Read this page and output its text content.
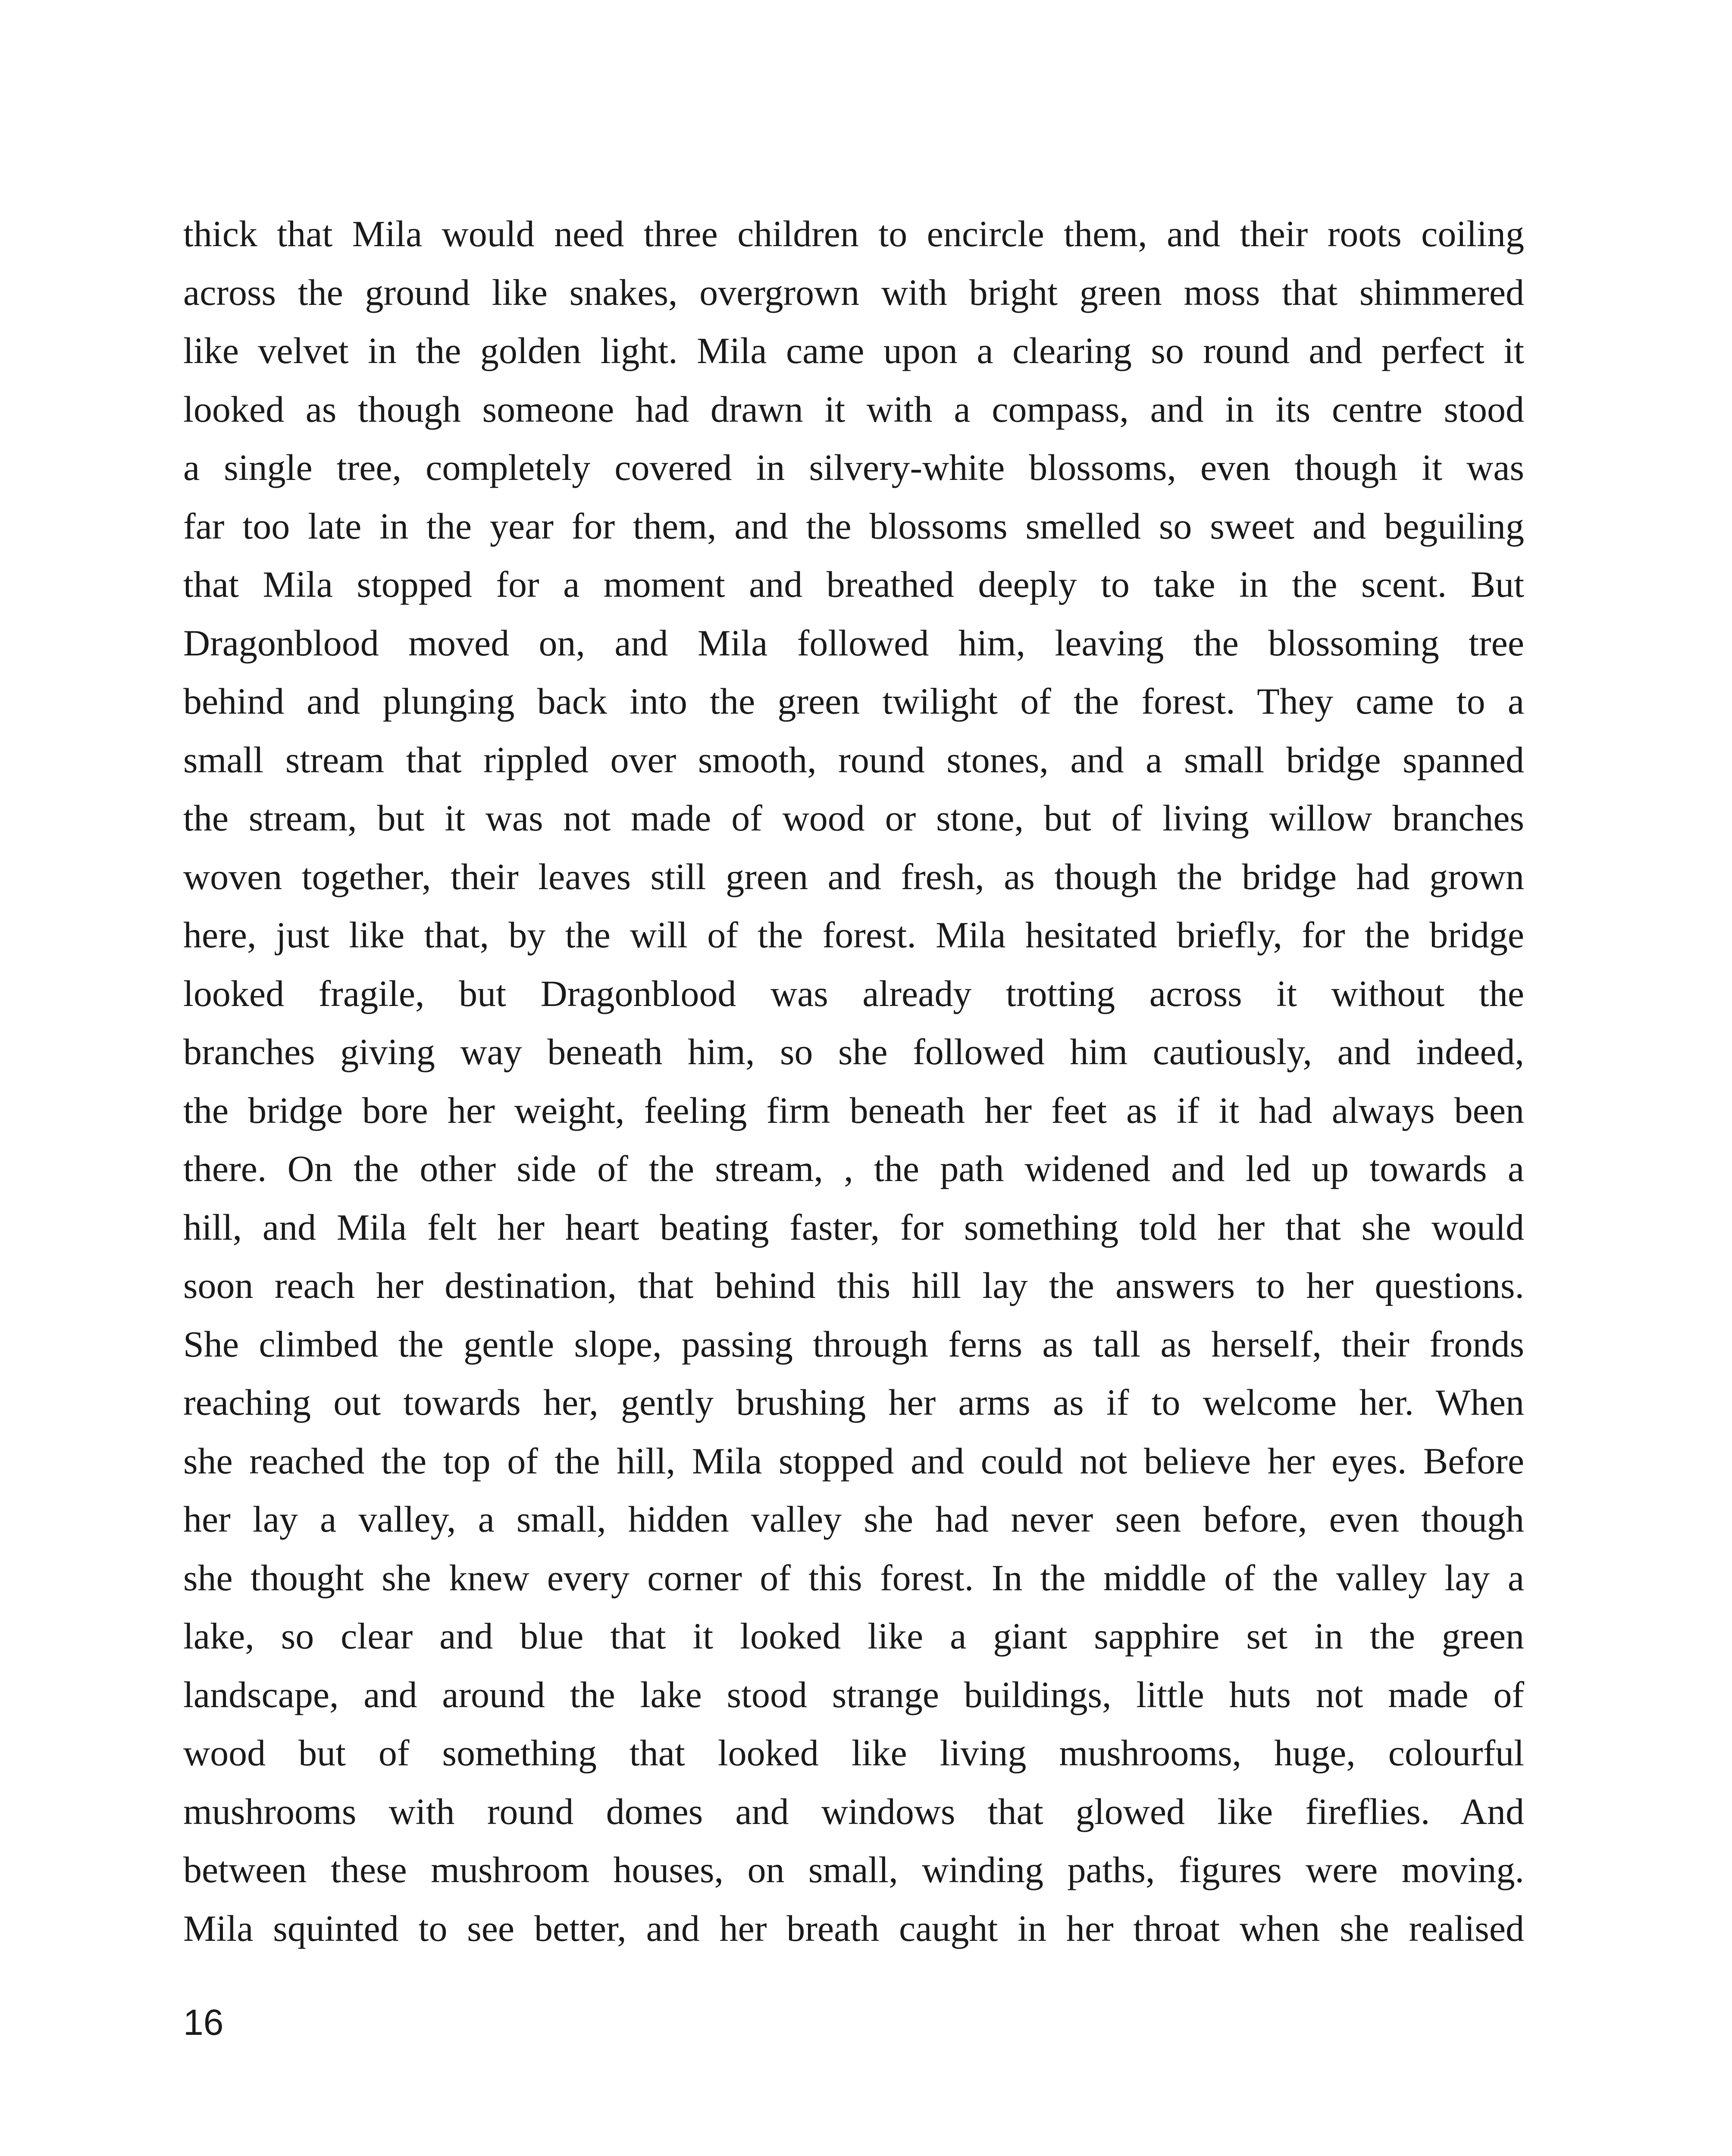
thick that Mila would need three children to encircle them, and their roots coiling
across the ground like snakes, overgrown with bright green moss that shimmered
like velvet in the golden light. Mila came upon a clearing so round and perfect it
looked as though someone had drawn it with a compass, and in its centre stood
a single tree, completely covered in silvery-white blossoms, even though it was
far too late in the year for them, and the blossoms smelled so sweet and beguiling
that Mila stopped for a moment and breathed deeply to take in the scent. But
Dragonblood moved on, and Mila followed him, leaving the blossoming tree
behind and plunging back into the green twilight of the forest. They came to a
small stream that rippled over smooth, round stones, and a small bridge spanned
the stream, but it was not made of wood or stone, but of living willow branches
woven together, their leaves still green and fresh, as though the bridge had grown
here, just like that, by the will of the forest. Mila hesitated briefly, for the bridge
looked fragile, but Dragonblood was already trotting across it without the
branches giving way beneath him, so she followed him cautiously, and indeed,
the bridge bore her weight, feeling firm beneath her feet as if it had always been
there. On the other side of the stream, , the path widened and led up towards a
hill, and Mila felt her heart beating faster, for something told her that she would
soon reach her destination, that behind this hill lay the answers to her questions.
She climbed the gentle slope, passing through ferns as tall as herself, their fronds
reaching out towards her, gently brushing her arms as if to welcome her. When
she reached the top of the hill, Mila stopped and could not believe her eyes. Before
her lay a valley, a small, hidden valley she had never seen before, even though
she thought she knew every corner of this forest. In the middle of the valley lay a
lake, so clear and blue that it looked like a giant sapphire set in the green
landscape, and around the lake stood strange buildings, little huts not made of
wood but of something that looked like living mushrooms, huge, colourful
mushrooms with round domes and windows that glowed like fireflies. And
between these mushroom houses, on small, winding paths, figures were moving.
Mila squinted to see better, and her breath caught in her throat when she realised
16
